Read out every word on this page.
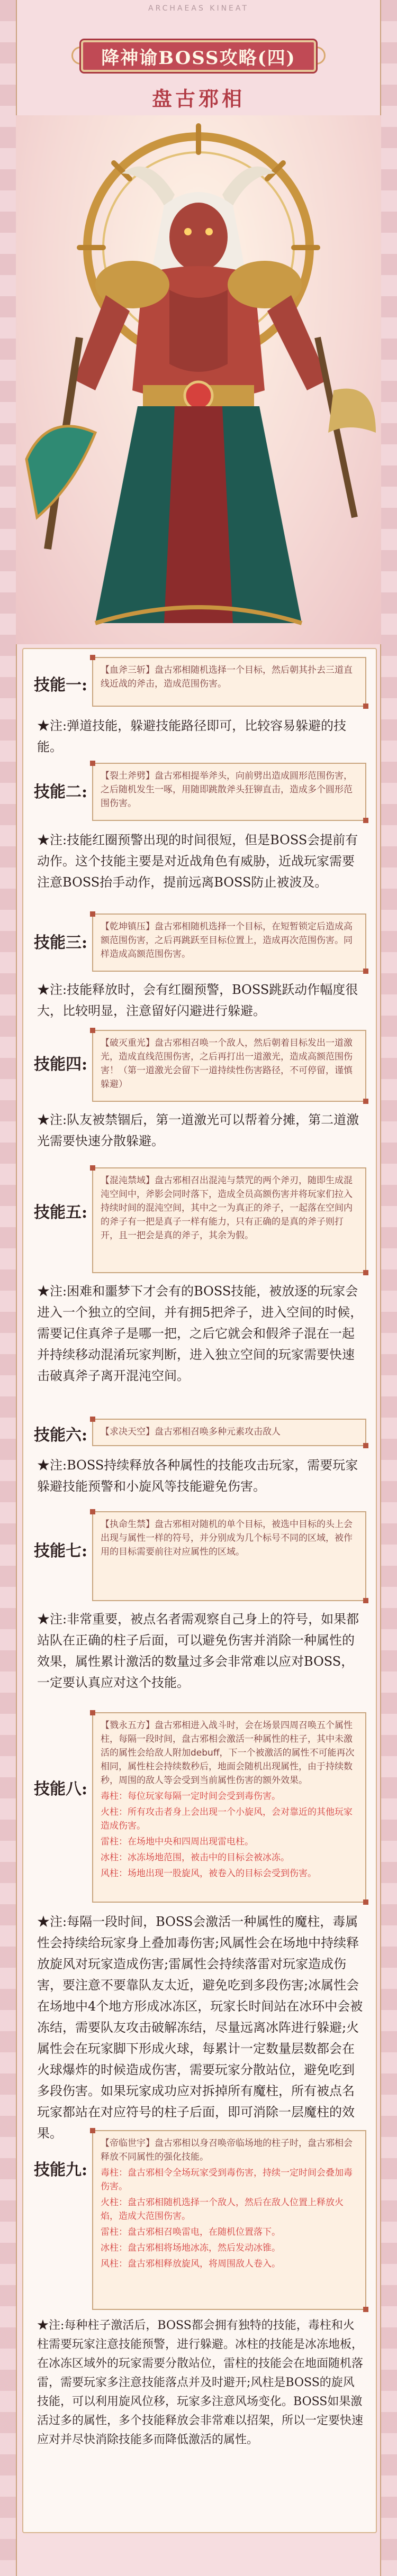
ARCHAEAS KINEAT
降神谕BOSS攻略(四)
盘古邪相
技能一:

【血斧三斩】盘古邪相随机选择一个目标，然后朝其扑去三道直线近战的斧击，造成范围伤害。

★注:弹道技能，躲避技能路径即可，比较容易躲避的技能。
技能二:

【裂土斧劈】盘古邪相提举斧头，向前劈出造成圆形范围伤害，之后随机发生一啄，用随即跳散斧头狂铆直击，造成多个圆形范围伤害。

★注:技能红圈预警出现的时间很短，但是BOSS会提前有动作。这个技能主要是对近战角色有威胁，近战玩家需要注意BOSS抬手动作，提前远离BOSS防止被波及。
技能三:

【乾坤镇压】盘古邪相随机选择一个目标，在短暂锁定后造成高额范围伤害，之后再跳跃至目标位置上，造成再次范围伤害。同样造成高额范围伤害。

★注:技能释放时，会有红圈预警，BOSS跳跃动作幅度很大，比较明显，注意留好闪避进行躲避。
技能四:

【破灭重光】盘古邪相召唤一个敌人，然后朝着目标发出一道激光，造成直线范围伤害，之后再打出一道激光，造成高额范围伤害！（第一道激光会留下一道持续性伤害路径，不可停留，谨慎躲避）

★注:队友被禁锢后，第一道激光可以帮着分摊，第二道激光需要快速分散躲避。
技能五:

【混沌禁域】盘古邪相召出混沌与禁咒的两个斧刃，随即生成混沌空间中，斧影会同时落下，造成全员高额伤害并将玩家们拉入持续时间的混沌空间，其中之一为真正的斧子，一起落在空间内的斧子有一把是真子一样有能力，只有正确的是真的斧子则打开，且一把会是真的斧子，其余为假。

★注:困难和噩梦下才会有的BOSS技能，被放逐的玩家会进入一个独立的空间，并有拥5把斧子，进入空间的时候，需要记住真斧子是哪一把，之后它就会和假斧子混在一起并持续移动混淆玩家判断，进入独立空间的玩家需要快速击破真斧子离开混沌空间。
技能六:	【求决天空】盘古邪相召唤多种元素攻击敌人

★注:BOSS持续释放各种属性的技能攻击玩家，需要玩家躲避技能预警和小旋风等技能避免伤害。
技能七:

【执命生禁】盘古邪相对随机的单个目标，被选中目标的头上会出现与属性一样的符号，并分别成为几个标号不同的区域，被作用的目标需要前往对应属性的区域。

★注:非常重要，被点名者需观察自己身上的符号，如果都站队在正确的柱子后面，可以避免伤害并消除一种属性的效果，属性累计激活的数量过多会非常难以应对BOSS，一定要认真应对这个技能。
技能八:

【戮永五方】盘古邪相进入战斗时，会在场景四周召唤五个属性柱，每隔一段时间，盘古邪相会激活一种属性的柱子，其中未激活的属性会给敌人附加debuff，下一个被激活的属性不可能再次相同，属性柱会持续数秒后，地面会随机出现属性，由于持续数秒，周围的敌人等会受到当前属性伤害的额外效果。

毒柱：每位玩家每隔一定时间会受到毒伤害。

火柱：所有攻击者身上会出现一个小旋风，会对靠近的其他玩家造成伤害。

雷柱：在场地中央和四周出现雷电柱。

冰柱：冰冻场地范围，被击中的目标会被冰冻。

风柱：场地出现一股旋风，被卷入的目标会受到伤害。

★注:每隔一段时间，BOSS会激活一种属性的魔柱，毒属性会持续给玩家身上叠加毒伤害;风属性会在场地中持续释放旋风对玩家造成伤害;雷属性会持续落雷对玩家造成伤害，要注意不要靠队友太近，避免吃到多段伤害;冰属性会在场地中4个地方形成冰冻区，玩家长时间站在冰环中会被冻结，需要队友攻击破解冻结，尽量远离冰阵进行躲避;火属性会在玩家脚下形成火球，每累计一定数量层数都会在火球爆炸的时候造成伤害，需要玩家分散站位，避免吃到多段伤害。如果玩家成功应对拆掉所有魔柱，所有被点名玩家都站在对应符号的柱子后面，即可消除一层魔柱的效果。
技能九:

【帝临世宇】盘古邪相以身召唤帝临场地的柱子时，盘古邪相会释放不同属性的强化技能。

毒柱：盘古邪相令全场玩家受到毒伤害，持续一定时间会叠加毒伤害。

火柱：盘古邪相随机选择一个敌人，然后在敌人位置上释放火焰，造成大范围伤害。

雷柱：盘古邪相召唤雷电，在随机位置落下。

冰柱：盘古邪相将场地冰冻，然后发动冰锥。

风柱：盘古邪相释放旋风，将周围敌人卷入。

★注:每种柱子激活后，BOSS都会拥有独特的技能，毒柱和火柱需要玩家注意技能预警，进行躲避。冰柱的技能是冰冻地板，在冰冻区域外的玩家需要分散站位，雷柱的技能会在地面随机落雷，需要玩家多注意技能落点并及时避开;风柱是BOSS的旋风技能，可以利用旋风位移，玩家多注意风场变化。BOSS如果激活过多的属性，多个技能释放会非常难以招架，所以一定要快速应对并尽快消除技能多而降低激活的属性。
